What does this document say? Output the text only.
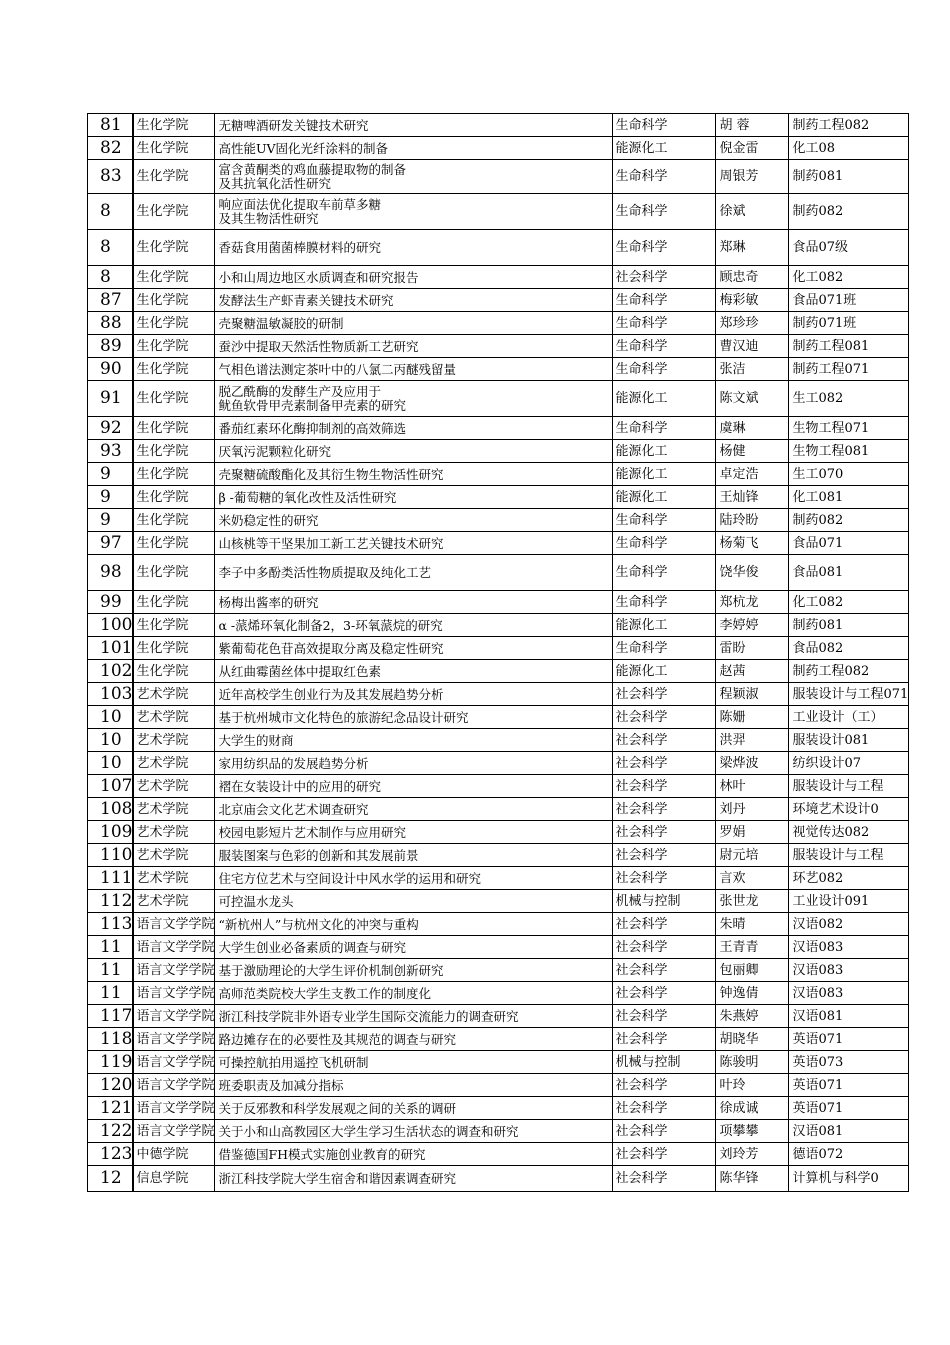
81	生化学院	无糖啤酒研发关键技术研究	生命科学	胡 蓉	制药工程082
82	生化学院	高性能UV固化光纤涂料的制备	能源化工	倪金雷	化工08
83	生化学院	富含黄酮类的鸡血藤提取物的制备
及其抗氧化活性研究	生命科学	周银芳	制药081
8	生化学院	响应面法优化提取车前草多糖
及其生物活性研究	生命科学	徐斌	制药082
8	生化学院	香菇食用菌菌棒膜材料的研究	生命科学	郑琳	食品07级
8	生化学院	小和山周边地区水质调查和研究报告	社会科学	顾忠奇	化工082
87	生化学院	发酵法生产虾青素关键技术研究	生命科学	梅彩敏	食品071班
88	生化学院	壳聚糖温敏凝胶的研制	生命科学	郑珍珍	制药071班
89	生化学院	蚕沙中提取天然活性物质新工艺研究	生命科学	曹汉迪	制药工程081
90	生化学院	气相色谱法测定茶叶中的八氯二丙醚残留量	生命科学	张洁	制药工程071
91	生化学院	脱乙酰酶的发酵生产及应用于
鱿鱼软骨甲壳素制备甲壳素的研究	能源化工	陈文斌	生工082
92	生化学院	番茄红素环化酶抑制剂的高效筛选	生命科学	虞琳	生物工程071
93	生化学院	厌氧污泥颗粒化研究	能源化工	杨健	生物工程081
9	生化学院	壳聚糖硫酸酯化及其衍生物生物活性研究	能源化工	卓定浩	生工070
9	生化学院	β -葡萄糖的氧化改性及活性研究	能源化工	王灿锋	化工081
9	生化学院	米奶稳定性的研究	生命科学	陆玲盼	制药082
97	生化学院	山核桃等干坚果加工新工艺关键技术研究	生命科学	杨菊飞	食品071
98	生化学院	李子中多酚类活性物质提取及纯化工艺	生命科学	饶华俊	食品081
99	生化学院	杨梅出酱率的研究	生命科学	郑杭龙	化工082
100	生化学院	α -蒎烯环氧化制备2，3-环氧蒎烷的研究	能源化工	李婷婷	制药081
101	生化学院	紫葡萄花色苷高效提取分离及稳定性研究	生命科学	雷盼	食品082
102	生化学院	从红曲霉菌丝体中提取红色素	能源化工	赵茜	制药工程082
103	艺术学院	近年高校学生创业行为及其发展趋势分析	社会科学	程颖淑	服装设计与工程071
10	艺术学院	基于杭州城市文化特色的旅游纪念品设计研究	社会科学	陈姗	工业设计（工）
10	艺术学院	大学生的财商	社会科学	洪羿	服装设计081
10	艺术学院	家用纺织品的发展趋势分析	社会科学	梁烨波	纺织设计07
107	艺术学院	褶在女装设计中的应用的研究	社会科学	林叶	服装设计与工程
108	艺术学院	北京庙会文化艺术调查研究	社会科学	刘丹	环境艺术设计0
109	艺术学院	校园电影短片艺术制作与应用研究	社会科学	罗娟	视觉传达082
110	艺术学院	服装图案与色彩的创新和其发展前景	社会科学	尉元培	服装设计与工程
111	艺术学院	住宅方位艺术与空间设计中风水学的运用和研究	社会科学	言欢	环艺082
112	艺术学院	可控温水龙头	机械与控制	张世龙	工业设计091
113	语言文学学院	“新杭州人”与杭州文化的冲突与重构	社会科学	朱晴	汉语082
11	语言文学学院	大学生创业必备素质的调查与研究	社会科学	王青青	汉语083
11	语言文学学院	基于激励理论的大学生评价机制创新研究	社会科学	包丽卿	汉语083
11	语言文学学院	高师范类院校大学生支教工作的制度化	社会科学	钟逸倩	汉语083
117	语言文学学院	浙江科技学院非外语专业学生国际交流能力的调查研究	社会科学	朱燕婷	汉语081
118	语言文学学院	路边摊存在的必要性及其规范的调查与研究	社会科学	胡晓华	英语071
119	语言文学学院	可操控航拍用遥控飞机研制	机械与控制	陈骏明	英语073
120	语言文学学院	班委职责及加减分指标	社会科学	叶玲	英语071
121	语言文学学院	关于反邪教和科学发展观之间的关系的调研	社会科学	徐成诚	英语071
122	语言文学学院	关于小和山高教园区大学生学习生活状态的调查和研究	社会科学	项攀攀	汉语081
123	中德学院	借鉴德国FH模式实施创业教育的研究	社会科学	刘玲芳	德语072
12	信息学院	浙江科技学院大学生宿舍和谐因素调查研究	社会科学	陈华锋	计算机与科学0
